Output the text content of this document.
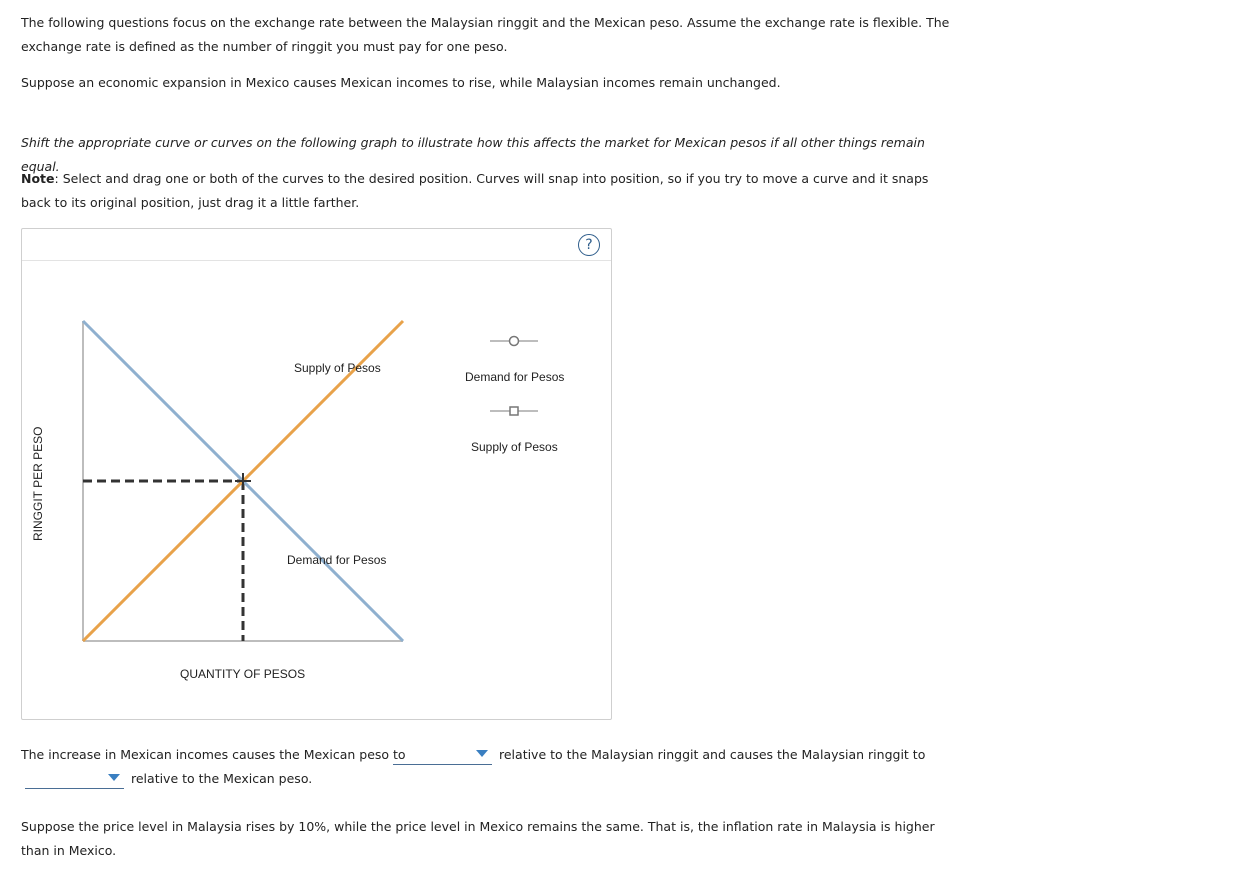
The following questions focus on the exchange rate between the Malaysian ringgit and the Mexican peso. Assume the exchange rate is flexible. The exchange rate is defined as the number of ringgit you must pay for one peso.

Suppose an economic expansion in Mexico causes Mexican incomes to rise, while Malaysian incomes remain unchanged.

Shift the appropriate curve or curves on the following graph to illustrate how this affects the market for Mexican pesos if all other things remain equal.

Note: Select and drag one or both of the curves to the desired position. Curves will snap into position, so if you try to move a curve and it snaps back to its original position, just drag it a little farther.

?
Supply of Pesos
Demand for Pesos
QUANTITY OF PESOS
RINGGIT PER PESO
Demand for Pesos
Supply of Pesos

The increase in Mexican incomes causes the Mexican peso to	relative to the Malaysian ringgit and causes the Malaysian ringgit to

relative to the Mexican peso.

Suppose the price level in Malaysia rises by 10%, while the price level in Mexico remains the same. That is, the inflation rate in Malaysia is higher than in Mexico.
